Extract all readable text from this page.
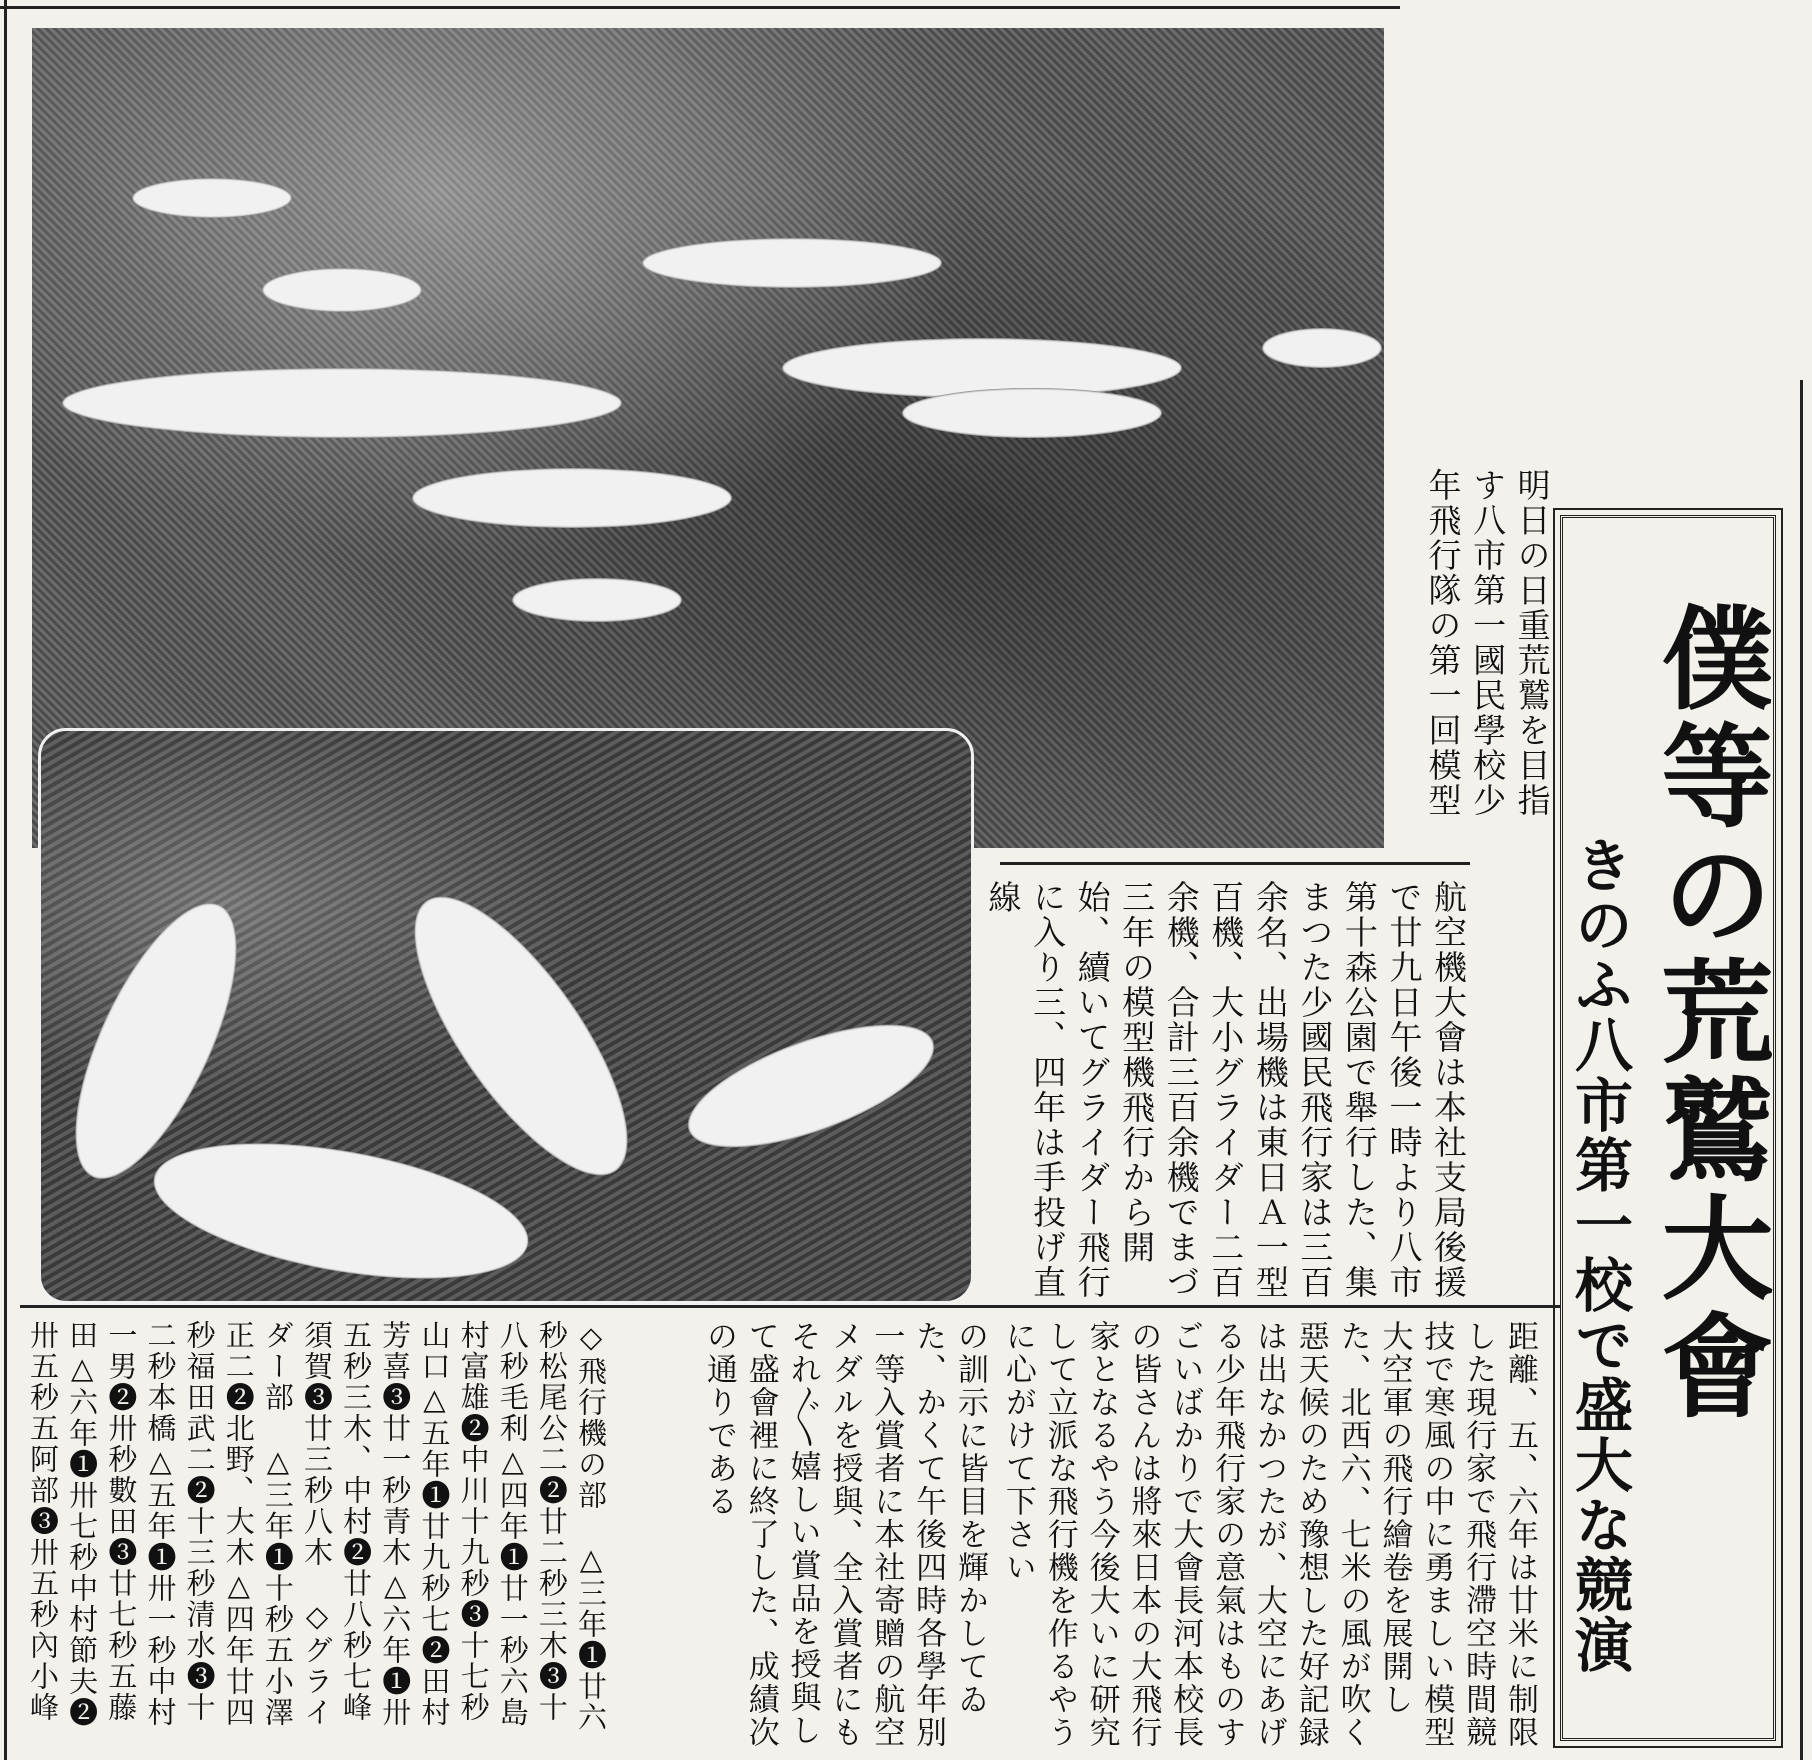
明日の日重荒鷲を目指す八市第一國民學校少年飛行隊の第一回模型
航空機大會は本社支局後援で廿九日午後一時より八市第十森公園で舉行した、集まつた少國民飛行家は三百余名、出場機は東日Ａ一型百機、大小グライダー二百余機、合計三百余機でまづ三年の模型機飛行から開始、續いてグライダー飛行に入り三、四年は手投げ直線	僕等の荒鷲大會
きのふ八市第一校で盛大な競演
距離、五、六年は廿米に制限した現行家で飛行滯空時間競技で寒風の中に勇ましい模型大空軍の飛行繪卷を展開した、北西六、七米の風が吹く惡天候のため豫想した好記録は出なかつたが、大空にあげる少年飛行家の意氣はものすごいばかりで大會長河本校長の皆さんは將來日本の大飛行家となるやう今後大いに研究して立派な飛行機を作るやうに心がけて下さい
の訓示に皆目を輝かしてゐた、かくて午後四時各學年別一等入賞者に本社寄贈の航空メダルを授與、全入賞者にもそれ〲嬉しい賞品を授與して盛會裡に終了した、成績次の通りである
◇飛行機の部　△三年❶廿六秒松尾公二❷廿二秒三木❸十八秒毛利△四年❶廿一秒六島村富雄❷中川十九秒❸十七秒山口△五年❶廿九秒七❷田村芳喜❸廿一秒青木△六年❶卅五秒三木、中村❷廿八秒七峰須賀❸廿三秒八木　◇グライダー部　△三年❶十秒五小澤正二❷北野、大木△四年廿四秒福田武二❷十三秒清水❸十二秒本橋△五年❶卅一秒中村一男❷卅秒數田❸廿七秒五藤田△六年❶卅七秒中村節夫❷卅五秒五阿部❸卅五秒內小峰
